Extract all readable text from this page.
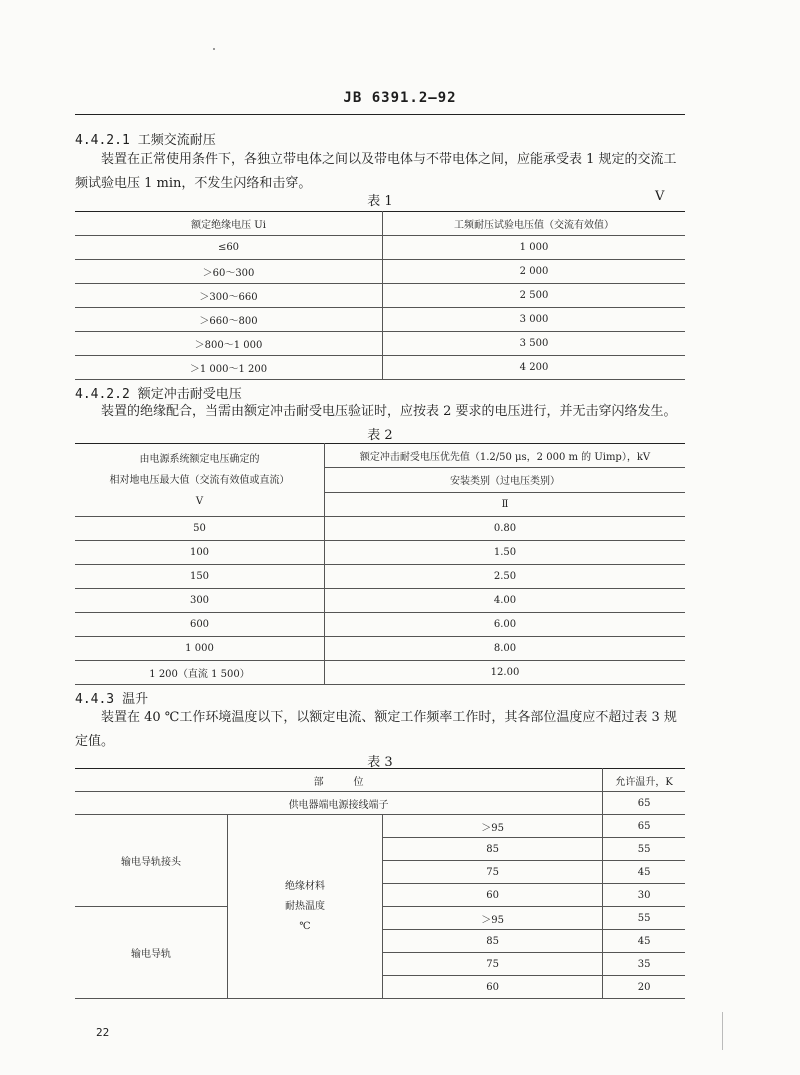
JB 6391.2—92
4.4.2.1 工频交流耐压
装置在正常使用条件下，各独立带电体之间以及带电体与不带电体之间，应能承受表 1 规定的交流工频试验电压 1 min，不发生闪络和击穿。
表 1	V
额定绝缘电压 Ui	工频耐压试验电压值（交流有效值）
≤60	1 000
＞60～300	2 000
＞300～660	2 500
＞660～800	3 000
＞800～1 000	3 500
＞1 000～1 200	4 200
4.4.2.2 额定冲击耐受电压
装置的绝缘配合，当需由额定冲击耐受电压验证时，应按表 2 要求的电压进行，并无击穿闪络发生。
表 2
由电源系统额定电压确定的
相对地电压最大值（交流有效值或直流）
V	额定冲击耐受电压优先值（1.2/50 μs，2 000 m 的 Uimp），kV
	安装类别（过电压类别）
	Ⅱ
50	0.80
100	1.50
150	2.50
300	4.00
600	6.00
1 000	8.00
1 200（直流 1 500）	12.00
4.4.3 温升
装置在 40 ℃工作环境温度以下，以额定电流、额定工作频率工作时，其各部位温度应不超过表 3 规定值。
表 3
部　　　位			允许温升，K
供电器端电源接线端子			65
输电导轨接头	绝缘材料
耐热温度
℃	＞95	65
		85	55
		75	45
		60	30
输电导轨		＞95	55
		85	45
		75	35
		60	20
22
